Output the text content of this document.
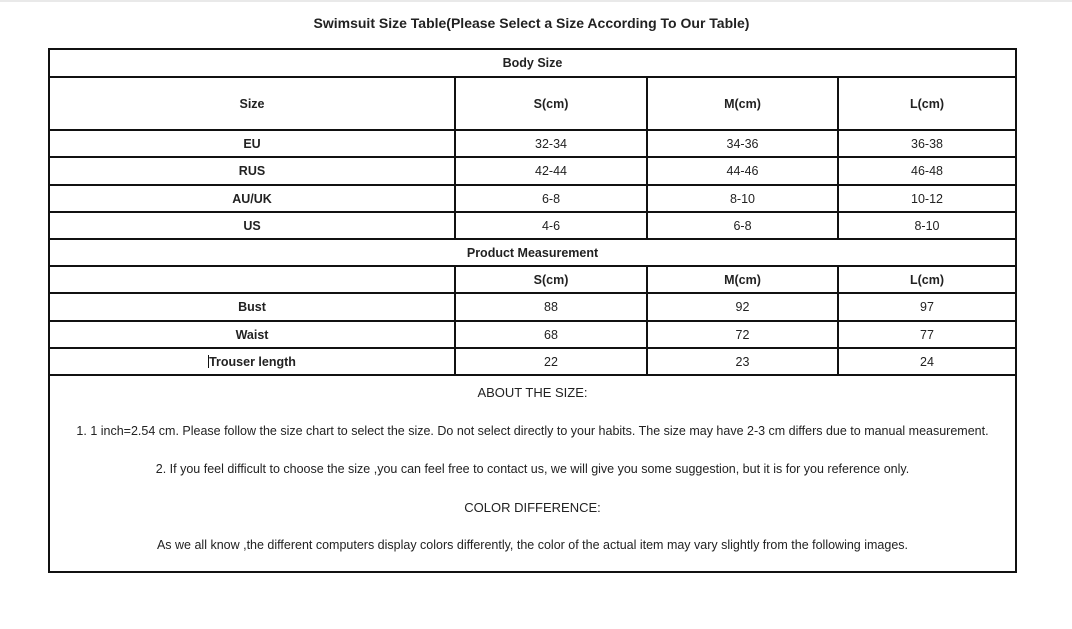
Swimsuit Size Table(Please Select a Size According To Our Table)
Body Size			
Size	S(cm)	M(cm)	L(cm)
EU	32-34	34-36	36-38
RUS	42-44	44-46	46-48
AU/UK	6-8	8-10	10-12
US	4-6	6-8	8-10
Product Measurement			
	S(cm)	M(cm)	L(cm)
Bust	88	92	97
Waist	68	72	77
Trouser length	22	23	24

ABOUT THE SIZE:
1. 1 inch=2.54 cm. Please follow the size chart to select the size. Do not select directly to your habits. The size may have 2-3 cm differs due to manual measurement.
2. If you feel difficult to choose the size ,you can feel free to contact us, we will give you some suggestion, but it is for you reference only.
COLOR DIFFERENCE:
As we all know ,the different computers display colors differently, the color of the actual item may vary slightly from the following images.			
